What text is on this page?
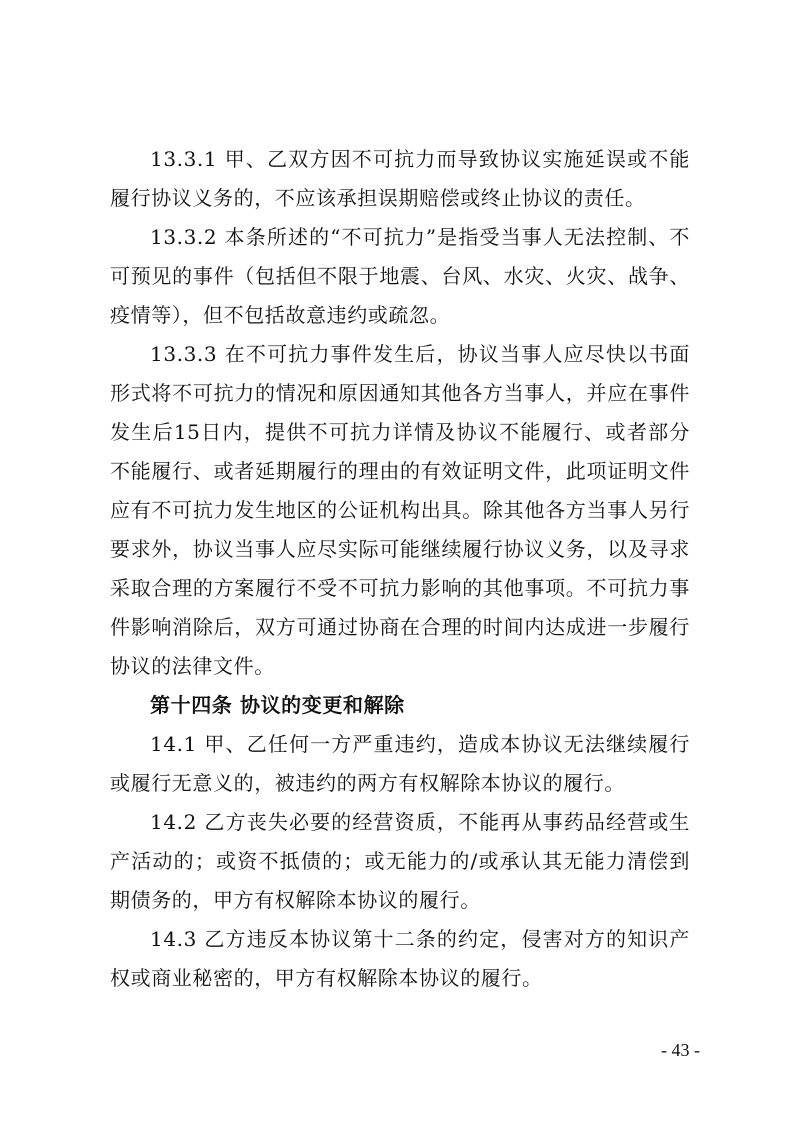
13.3.1 甲、乙双方因不可抗力而导致协议实施延误或不能履行协议义务的，不应该承担误期赔偿或终止协议的责任。

13.3.2 本条所述的“不可抗力”是指受当事人无法控制、不可预见的事件（包括但不限于地震、台风、水灾、火灾、战争、疫情等），但不包括故意违约或疏忽。

13.3.3 在不可抗力事件发生后，协议当事人应尽快以书面形式将不可抗力的情况和原因通知其他各方当事人，并应在事件发生后15日内，提供不可抗力详情及协议不能履行、或者部分不能履行、或者延期履行的理由的有效证明文件，此项证明文件应有不可抗力发生地区的公证机构出具。除其他各方当事人另行要求外，协议当事人应尽实际可能继续履行协议义务，以及寻求采取合理的方案履行不受不可抗力影响的其他事项。不可抗力事件影响消除后，双方可通过协商在合理的时间内达成进一步履行协议的法律文件。

第十四条 协议的变更和解除

14.1 甲、乙任何一方严重违约，造成本协议无法继续履行或履行无意义的，被违约的两方有权解除本协议的履行。

14.2 乙方丧失必要的经营资质，不能再从事药品经营或生产活动的；或资不抵债的；或无能力的/或承认其无能力清偿到期债务的，甲方有权解除本协议的履行。

14.3 乙方违反本协议第十二条的约定，侵害对方的知识产权或商业秘密的，甲方有权解除本协议的履行。

- 43 -
